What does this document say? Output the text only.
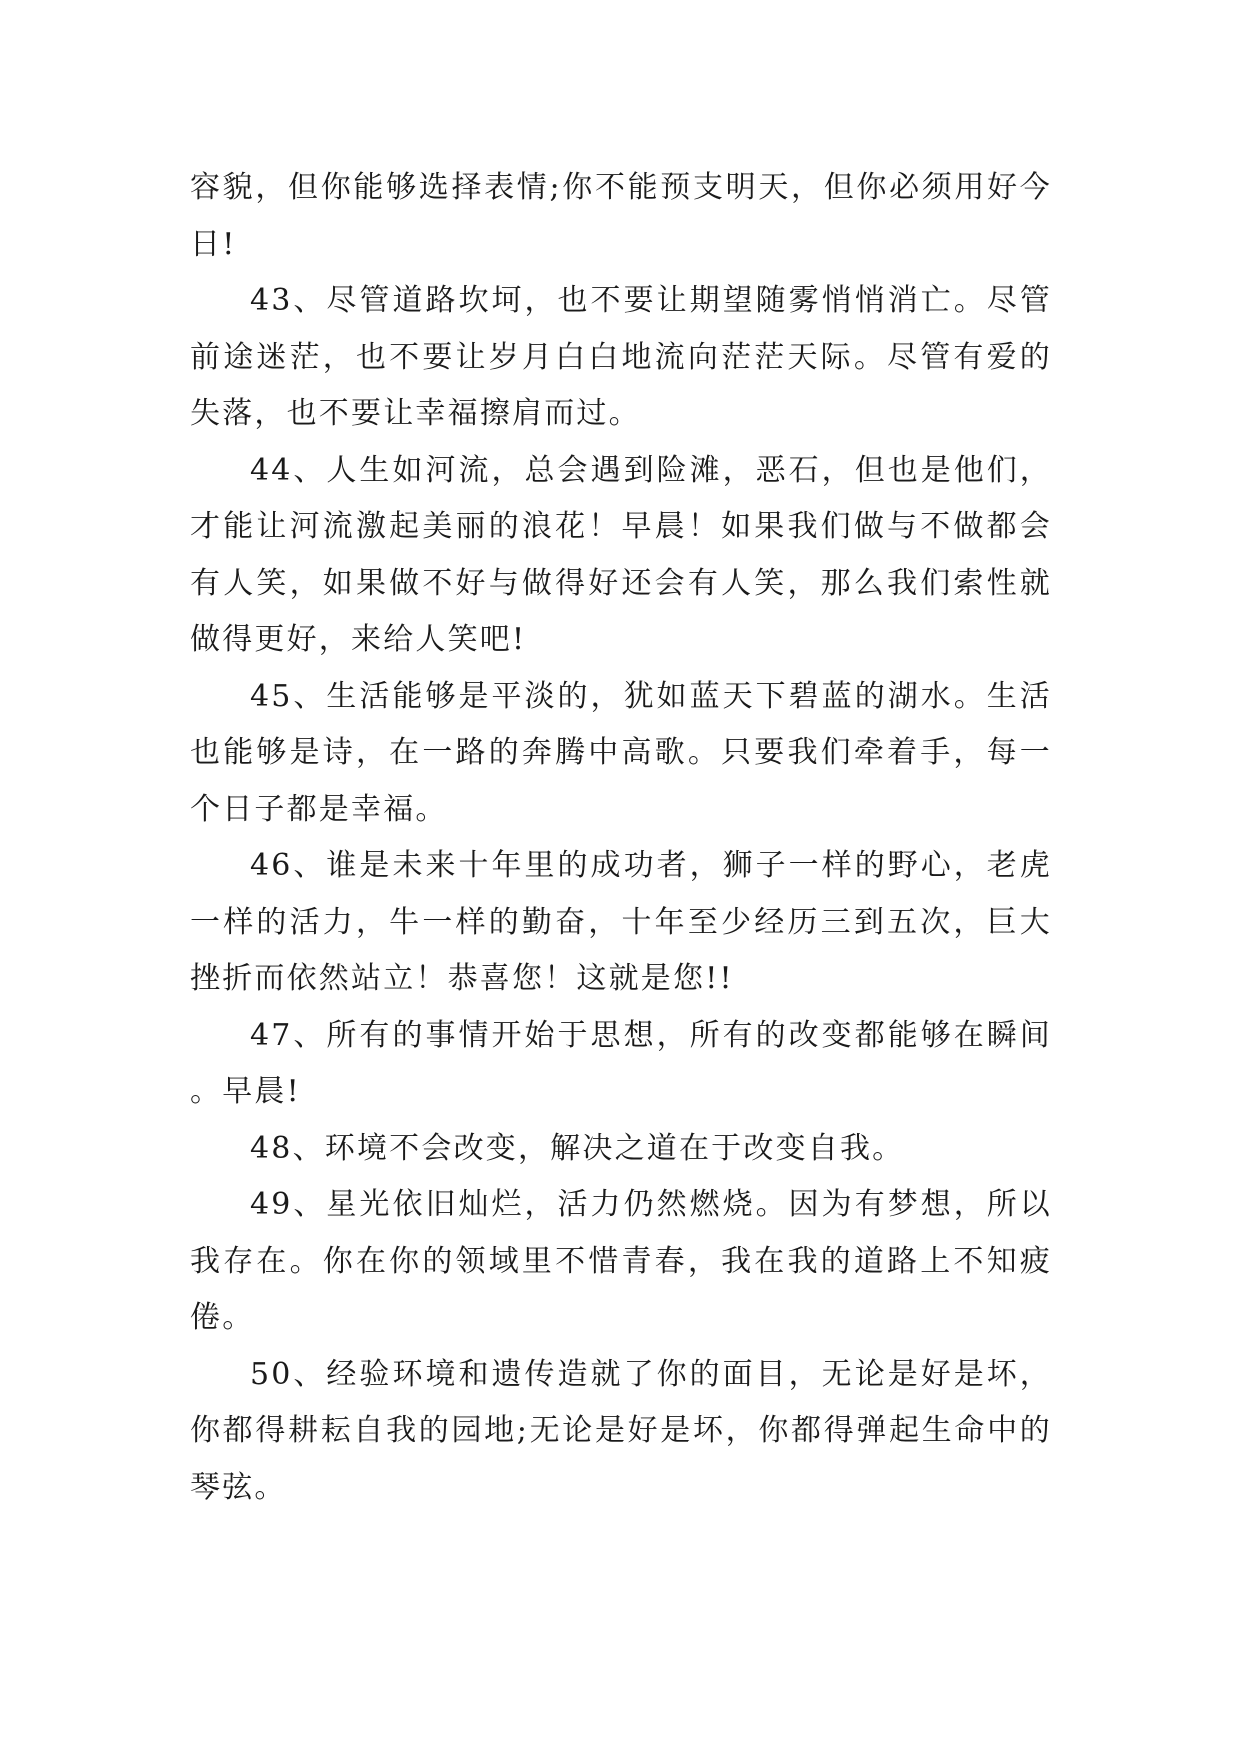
容貌，但你能够选择表情;你不能预支明天，但你必须用好今日!

43、尽管道路坎坷，也不要让期望随雾悄悄消亡。尽管前途迷茫，也不要让岁月白白地流向茫茫天际。尽管有爱的失落，也不要让幸福擦肩而过。

44、人生如河流，总会遇到险滩，恶石，但也是他们，才能让河流激起美丽的浪花！早晨！如果我们做与不做都会有人笑，如果做不好与做得好还会有人笑，那么我们索性就做得更好，来给人笑吧!

45、生活能够是平淡的，犹如蓝天下碧蓝的湖水。生活也能够是诗，在一路的奔腾中高歌。只要我们牵着手，每一个日子都是幸福。

46、谁是未来十年里的成功者，狮子一样的野心，老虎一样的活力，牛一样的勤奋，十年至少经历三到五次，巨大挫折而依然站立！恭喜您！这就是您!!

47、所有的事情开始于思想，所有的改变都能够在瞬间。早晨!

48、环境不会改变，解决之道在于改变自我。

49、星光依旧灿烂，活力仍然燃烧。因为有梦想，所以我存在。你在你的领域里不惜青春，我在我的道路上不知疲倦。

50、经验环境和遗传造就了你的面目，无论是好是坏，你都得耕耘自我的园地;无论是好是坏，你都得弹起生命中的琴弦。
